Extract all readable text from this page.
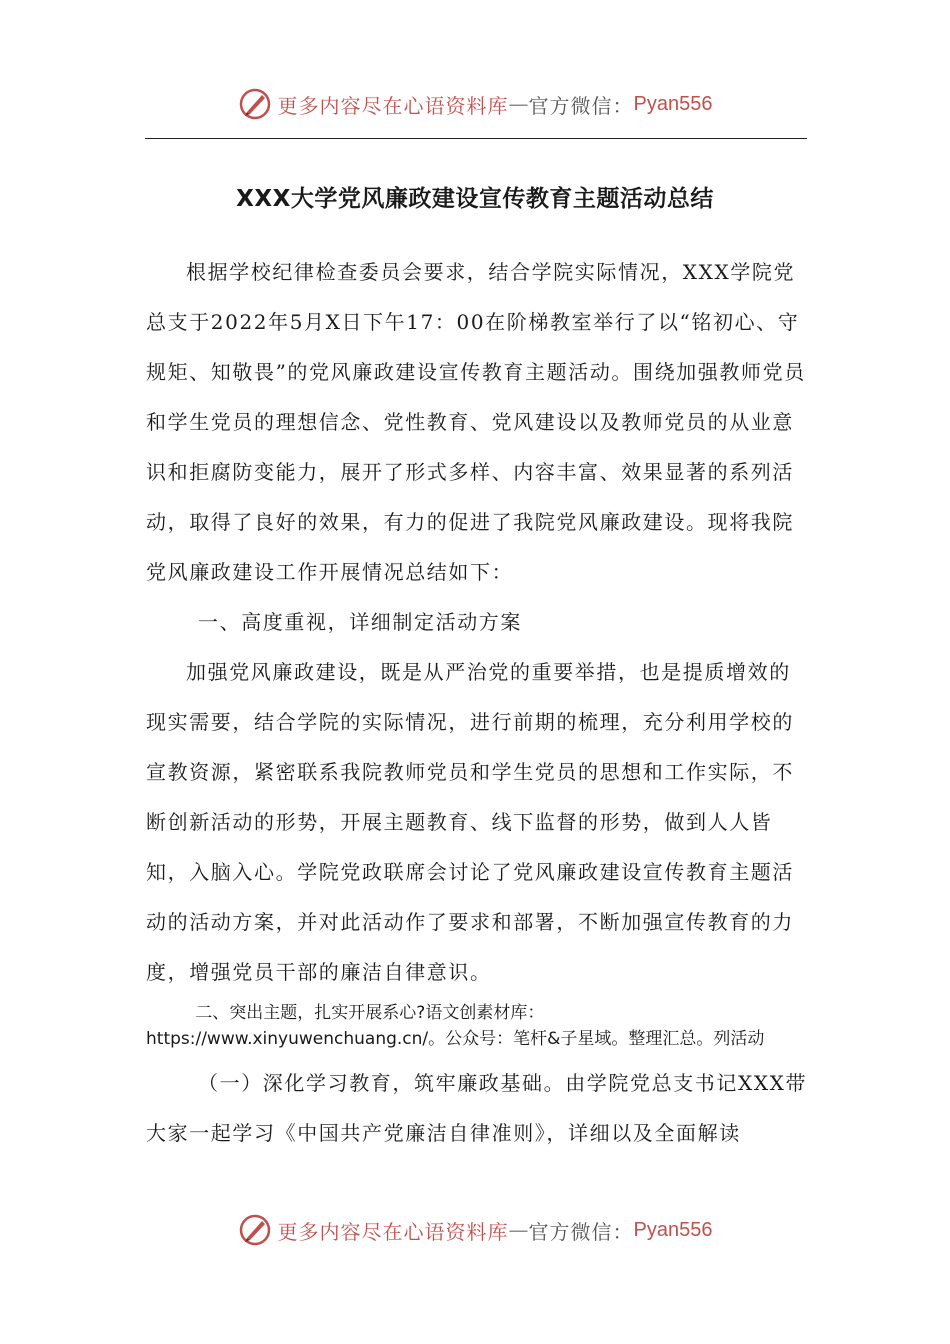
更多内容尽在心语资料库 — 官方微信： Pyan556
XXX大学党风廉政建设宣传教育主题活动总结

根据学校纪律检查委员会要求，结合学院实际情况，XXX学院党总支于2022年5月X日下午17：00在阶梯教室举行了以“铭初心、守规矩、知敬畏”的党风廉政建设宣传教育主题活动。围绕加强教师党员和学生党员的理想信念、党性教育、党风建设以及教师党员的从业意识和拒腐防变能力，展开了形式多样、内容丰富、效果显著的系列活动，取得了良好的效果，有力的促进了我院党风廉政建设。现将我院党风廉政建设工作开展情况总结如下：

一、高度重视，详细制定活动方案

加强党风廉政建设，既是从严治党的重要举措，也是提质增效的现实需要，结合学院的实际情况，进行前期的梳理，充分利用学校的宣教资源，紧密联系我院教师党员和学生党员的思想和工作实际，不断创新活动的形势，开展主题教育、线下监督的形势，做到人人皆知，入脑入心。学院党政联席会讨论了党风廉政建设宣传教育主题活动的活动方案，并对此活动作了要求和部署，不断加强宣传教育的力度，增强党员干部的廉洁自律意识。

二、突出主题，扎实开展系心?语文创素材库：https://www.xinyuwenchuang.cn/。公众号：笔杆&子星域。整理汇总。列活动

（一）深化学习教育，筑牢廉政基础。由学院党总支书记XXX带大家一起学习《中国共产党廉洁自律准则》，详细以及全面解读

更多内容尽在心语资料库 — 官方微信： Pyan556
